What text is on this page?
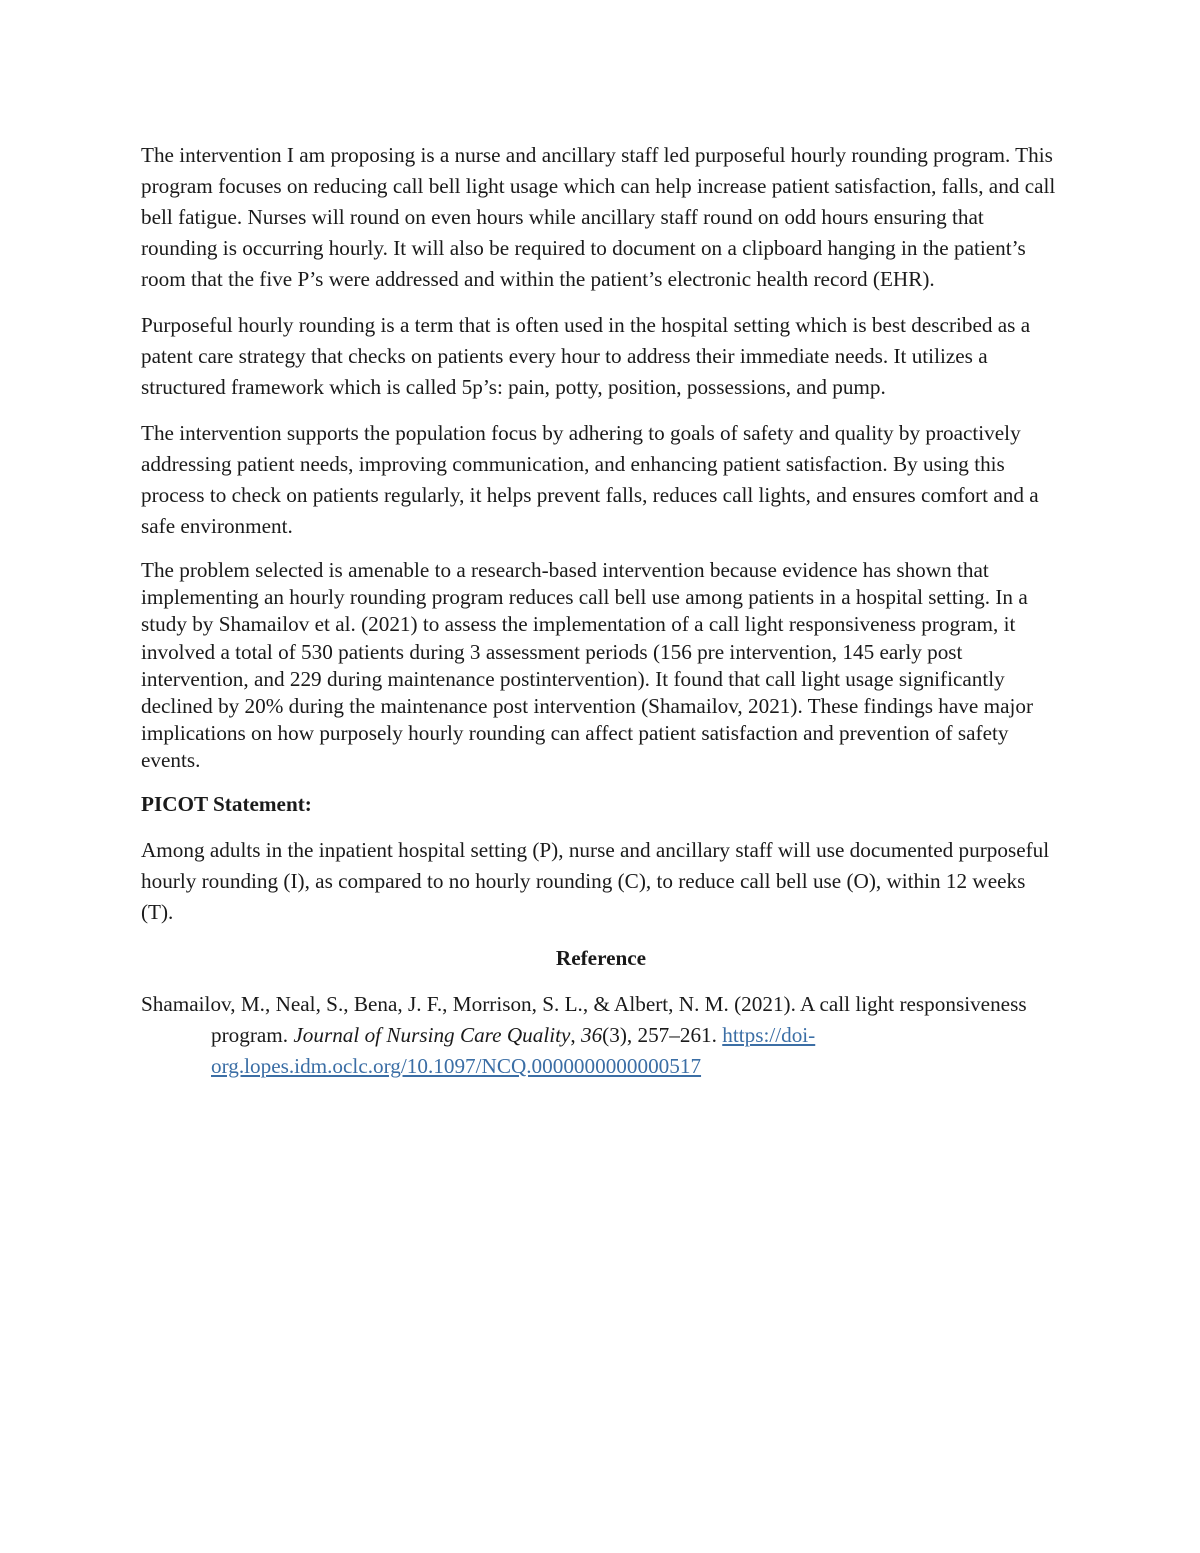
The intervention I am proposing is a nurse and ancillary staff led purposeful hourly rounding program. This program focuses on reducing call bell light usage which can help increase patient satisfaction, falls, and call bell fatigue. Nurses will round on even hours while ancillary staff round on odd hours ensuring that rounding is occurring hourly. It will also be required to document on a clipboard hanging in the patient’s room that the five P’s were addressed and within the patient’s electronic health record (EHR).

Purposeful hourly rounding is a term that is often used in the hospital setting which is best described as a patent care strategy that checks on patients every hour to address their immediate needs. It utilizes a structured framework which is called 5p’s: pain, potty, position, possessions, and pump.

The intervention supports the population focus by adhering to goals of safety and quality by proactively addressing patient needs, improving communication, and enhancing patient satisfaction. By using this process to check on patients regularly, it helps prevent falls, reduces call lights, and ensures comfort and a safe environment.

The problem selected is amenable to a research-based intervention because evidence has shown that implementing an hourly rounding program reduces call bell use among patients in a hospital setting. In a study by Shamailov et al. (2021) to assess the implementation of a call light responsiveness program, it involved a total of 530 patients during 3 assessment periods (156 pre intervention, 145 early post intervention, and 229 during maintenance postintervention). It found that call light usage significantly declined by 20% during the maintenance post intervention (Shamailov, 2021). These findings have major implications on how purposely hourly rounding can affect patient satisfaction and prevention of safety events.

PICOT Statement:

Among adults in the inpatient hospital setting (P), nurse and ancillary staff will use documented purposeful hourly rounding (I), as compared to no hourly rounding (C), to reduce call bell use (O), within 12 weeks (T).

Reference

Shamailov, M., Neal, S., Bena, J. F., Morrison, S. L., & Albert, N. M. (2021). A call light responsiveness program. Journal of Nursing Care Quality, 36(3), 257–261. https://doi-org.lopes.idm.oclc.org/10.1097/NCQ.0000000000000517
